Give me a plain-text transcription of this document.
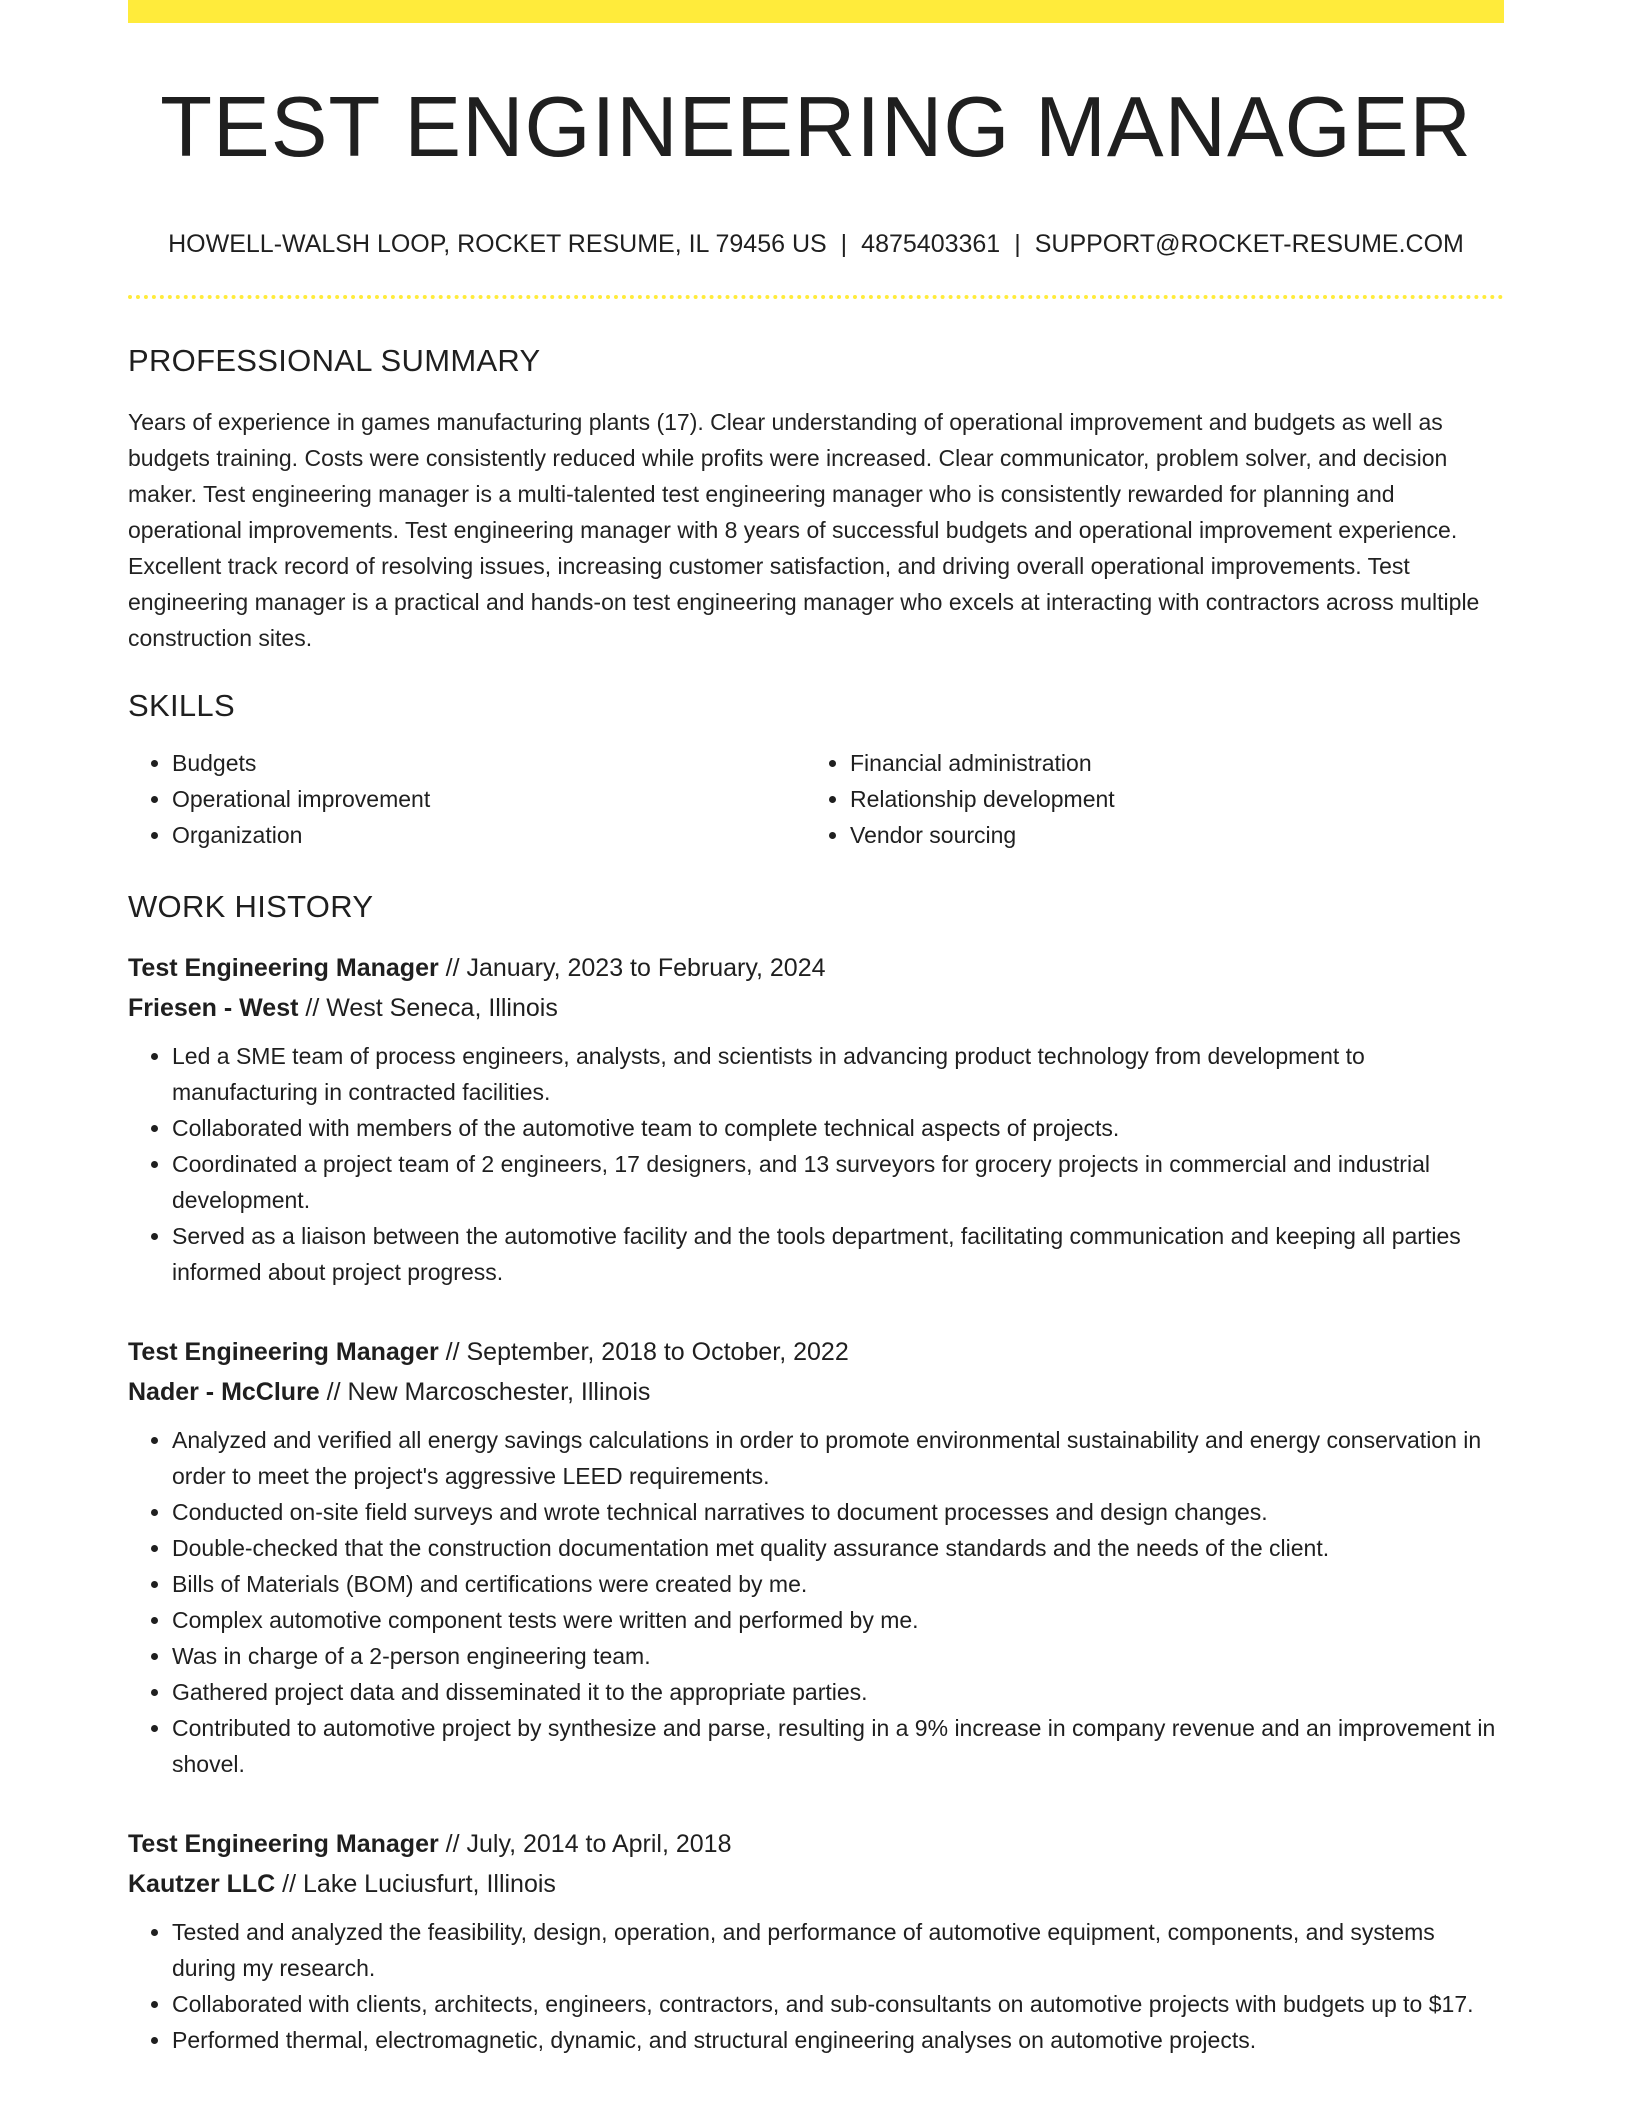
TEST ENGINEERING MANAGER
HOWELL-WALSH LOOP, ROCKET RESUME, IL 79456 US | 4875403361 | SUPPORT@ROCKET-RESUME.COM
PROFESSIONAL SUMMARY
Years of experience in games manufacturing plants (17). Clear understanding of operational improvement and budgets as well as budgets training. Costs were consistently reduced while profits were increased. Clear communicator, problem solver, and decision maker. Test engineering manager is a multi-talented test engineering manager who is consistently rewarded for planning and operational improvements. Test engineering manager with 8 years of successful budgets and operational improvement experience. Excellent track record of resolving issues, increasing customer satisfaction, and driving overall operational improvements. Test engineering manager is a practical and hands-on test engineering manager who excels at interacting with contractors across multiple construction sites.
SKILLS
• Budgets
• Operational improvement
• Organization
• Financial administration
• Relationship development
• Vendor sourcing
WORK HISTORY
Test Engineering Manager // January, 2023 to February, 2024
Friesen - West // West Seneca, Illinois
• Led a SME team of process engineers, analysts, and scientists in advancing product technology from development to manufacturing in contracted facilities.
• Collaborated with members of the automotive team to complete technical aspects of projects.
• Coordinated a project team of 2 engineers, 17 designers, and 13 surveyors for grocery projects in commercial and industrial development.
• Served as a liaison between the automotive facility and the tools department, facilitating communication and keeping all parties informed about project progress.
Test Engineering Manager // September, 2018 to October, 2022
Nader - McClure // New Marcoschester, Illinois
• Analyzed and verified all energy savings calculations in order to promote environmental sustainability and energy conservation in order to meet the project's aggressive LEED requirements.
• Conducted on-site field surveys and wrote technical narratives to document processes and design changes.
• Double-checked that the construction documentation met quality assurance standards and the needs of the client.
• Bills of Materials (BOM) and certifications were created by me.
• Complex automotive component tests were written and performed by me.
• Was in charge of a 2-person engineering team.
• Gathered project data and disseminated it to the appropriate parties.
• Contributed to automotive project by synthesize and parse, resulting in a 9% increase in company revenue and an improvement in shovel.
Test Engineering Manager // July, 2014 to April, 2018
Kautzer LLC // Lake Luciusfurt, Illinois
• Tested and analyzed the feasibility, design, operation, and performance of automotive equipment, components, and systems during my research.
• Collaborated with clients, architects, engineers, contractors, and sub-consultants on automotive projects with budgets up to $17.
• Performed thermal, electromagnetic, dynamic, and structural engineering analyses on automotive projects.
